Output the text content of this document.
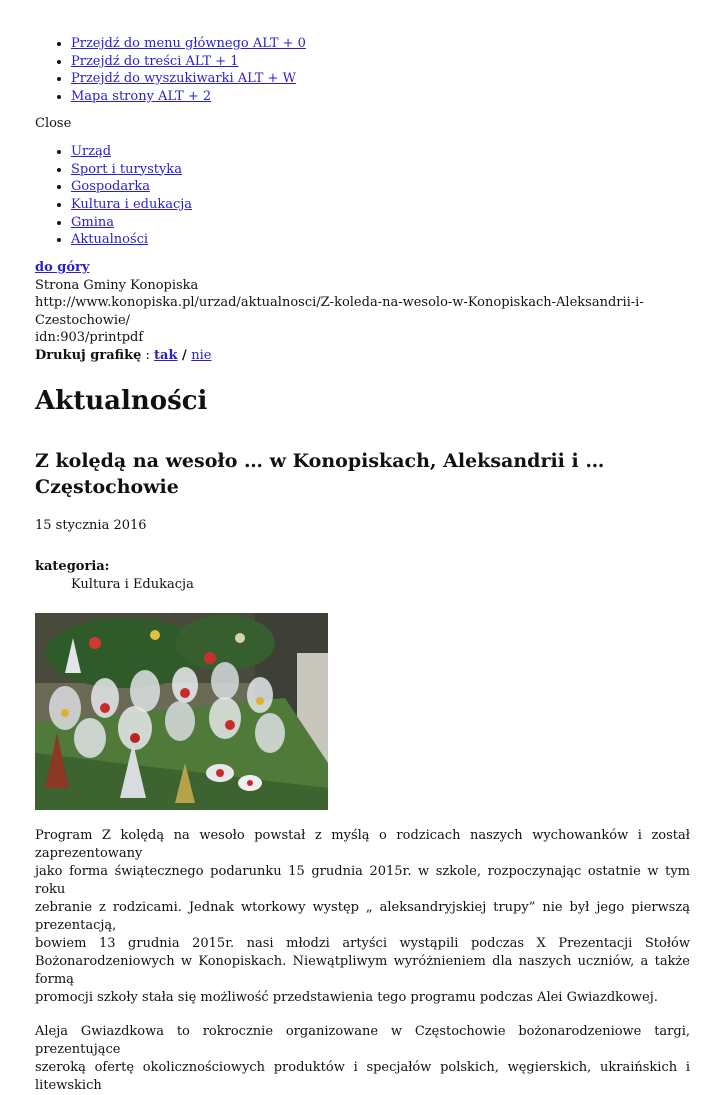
• Przejdź do menu głównego ALT + 0
• Przejdź do treści ALT + 1
• Przejdź do wyszukiwarki ALT + W
• Mapa strony ALT + 2
Close
• Urząd
• Sport i turystyka
• Gospodarka
• Kultura i edukacja
• Gmina
• Aktualności
do góry
Strona Gminy Konopiska
http://www.konopiska.pl/urzad/aktualnosci/Z-koleda-na-wesolo-w-Konopiskach-Aleksandrii-i-Czestochowie/
idn:903/printpdf
Drukuj grafikę : tak / nie
Aktualności
Z kolędą na wesoło … w Konopiskach, Aleksandrii i … Częstochowie
15 stycznia 2016
kategoria:
Kultura i Edukacja
Program Z kolędą na wesoło powstał z myślą o rodzicach naszych wychowanków i został zaprezentowany
jako forma świątecznego podarunku 15 grudnia 2015r. w szkole, rozpoczynając ostatnie w tym roku
zebranie z rodzicami. Jednak wtorkowy występ „ aleksandryjskiej trupy” nie był jego pierwszą prezentacją,
bowiem 13 grudnia 2015r. nasi młodzi artyści wystąpili podczas X Prezentacji Stołów
Bożonarodzeniowych w Konopiskach. Niewątpliwym wyróżnieniem dla naszych uczniów, a także formą
promocji szkoły stała się możliwość przedstawienia tego programu podczas Alei Gwiazdkowej.
Aleja Gwiazdkowa to rokrocznie organizowane w Częstochowie bożonarodzeniowe targi, prezentujące
szeroką ofertę okolicznościowych produktów i specjałów polskich, węgierskich, ukraińskich i litewskich
